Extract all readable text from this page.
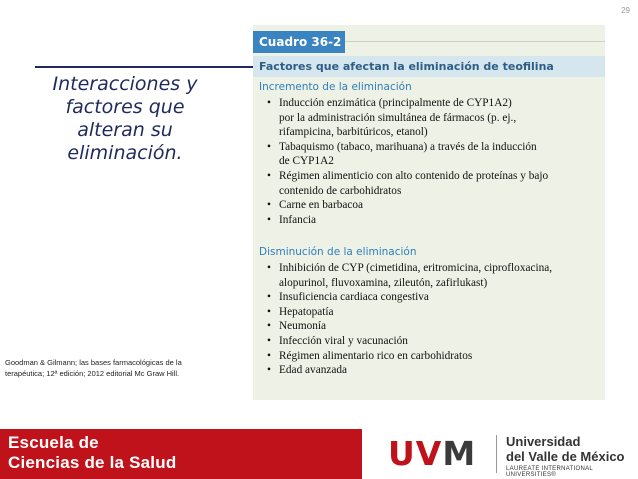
29
Interacciones y
factores que
alteran su
eliminación.
Goodman & Gilmann; las bases farmacológicas de la
terapéutica; 12ª edición; 2012 editorial Mc Graw Hill.
Cuadro 36-2
Factores que afectan la eliminación de teofilina
Incremento de la eliminación
• Inducción enzimática (principalmente de CYP1A2)
por la administración simultánea de fármacos (p. ej.,
rifampicina, barbitúricos, etanol)
• Tabaquismo (tabaco, marihuana) a través de la inducción
de CYP1A2
• Régimen alimenticio con alto contenido de proteínas y bajo
contenido de carbohidratos
• Carne en barbacoa
• Infancia
Disminución de la eliminación
• Inhibición de CYP (cimetidina, eritromicina, ciprofloxacina,
alopurinol, fluvoxamina, zileutón, zafirlukast)
• Insuficiencia cardiaca congestiva
• Hepatopatía
• Neumonía
• Infección viral y vacunación
• Régimen alimentario rico en carbohidratos
• Edad avanzada
Escuela de
Ciencias de la Salud	UVM Universidad
del Valle de México
LAUREATE INTERNATIONAL UNIVERSITIES®
